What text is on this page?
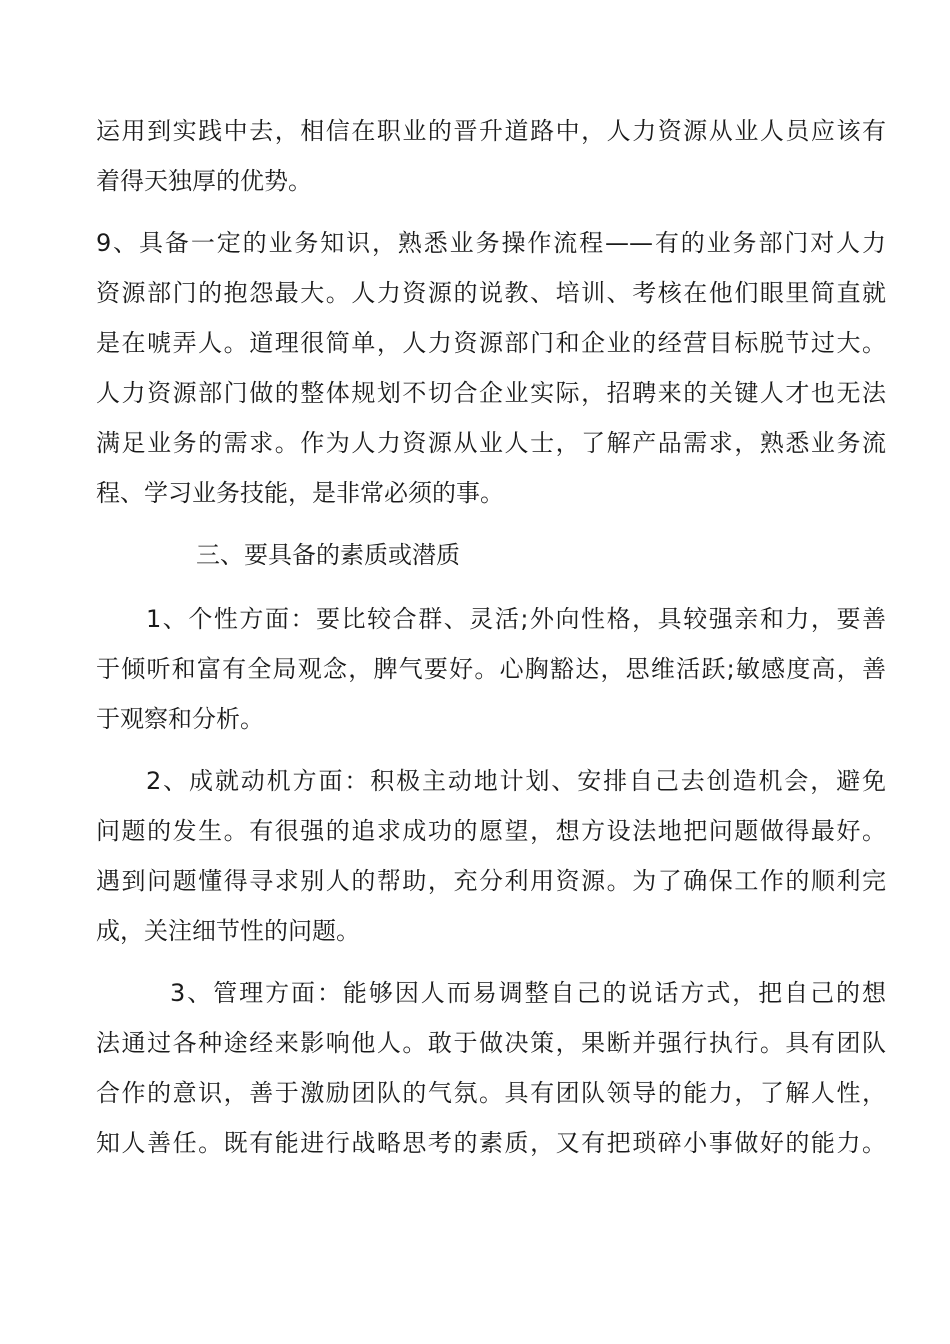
运用到实践中去，相信在职业的晋升道路中，人力资源从业人员应该有
着得天独厚的优势。
9、具备一定的业务知识，熟悉业务操作流程——有的业务部门对人力
资源部门的抱怨最大。人力资源的说教、培训、考核在他们眼里简直就
是在唬弄人。道理很简单，人力资源部门和企业的经营目标脱节过大。
人力资源部门做的整体规划不切合企业实际，招聘来的关键人才也无法
满足业务的需求。作为人力资源从业人士，了解产品需求，熟悉业务流
程、学习业务技能，是非常必须的事。
三、要具备的素质或潜质
1、个性方面：要比较合群、灵活;外向性格，具较强亲和力，要善
于倾听和富有全局观念，脾气要好。心胸豁达，思维活跃;敏感度高，善
于观察和分析。
2、成就动机方面：积极主动地计划、安排自己去创造机会，避免
问题的发生。有很强的追求成功的愿望，想方设法地把问题做得最好。
遇到问题懂得寻求别人的帮助，充分利用资源。为了确保工作的顺利完
成，关注细节性的问题。
3、管理方面：能够因人而易调整自己的说话方式，把自己的想
法通过各种途经来影响他人。敢于做决策，果断并强行执行。具有团队
合作的意识，善于激励团队的气氛。具有团队领导的能力，了解人性，
知人善任。既有能进行战略思考的素质，又有把琐碎小事做好的能力。
